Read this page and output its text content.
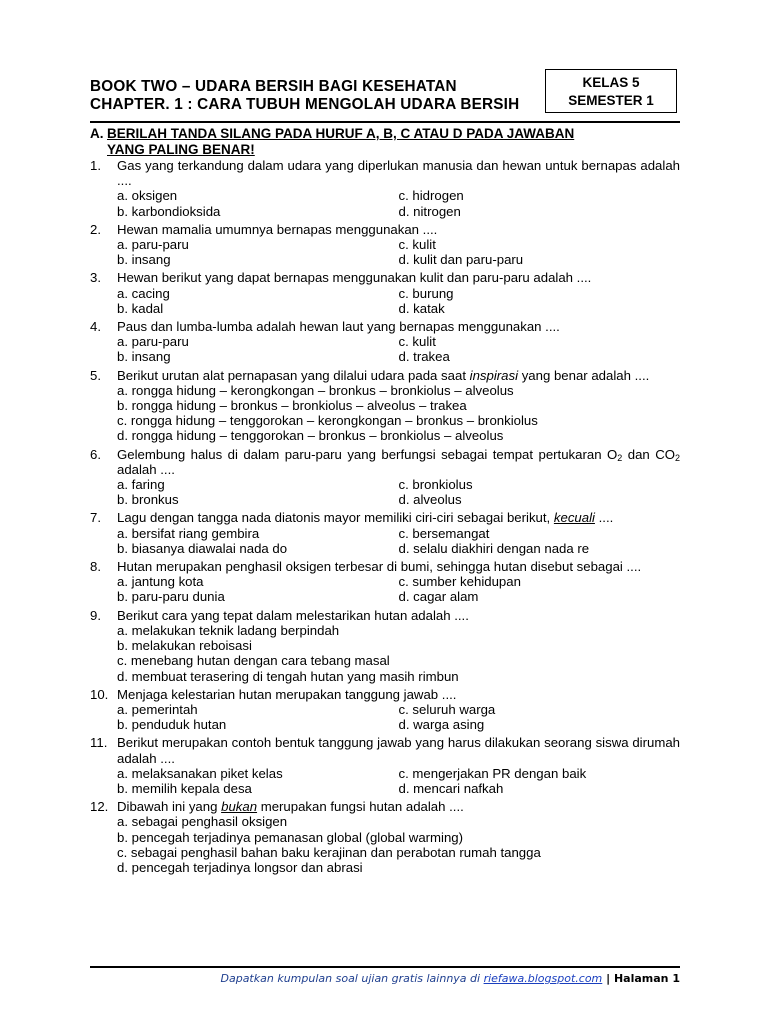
BOOK TWO – UDARA BERSIH BAGI KESEHATAN
CHAPTER. 1 : CARA TUBUH MENGOLAH UDARA BERSIH
KELAS 5
SEMESTER 1
A. BERILAH TANDA SILANG PADA HURUF A, B, C ATAU D PADA JAWABAN
YANG PALING BENAR!
1. Gas yang terkandung dalam udara yang diperlukan manusia dan hewan untuk bernapas adalah ....
a. oksigen	c. hidrogen
b. karbondioksida	d. nitrogen
2. Hewan mamalia umumnya bernapas menggunakan ....
a. paru-paru	c. kulit
b. insang	d. kulit dan paru-paru
3. Hewan berikut yang dapat bernapas menggunakan kulit dan paru-paru adalah ....
a. cacing	c. burung
b. kadal	d. katak
4. Paus dan lumba-lumba adalah hewan laut yang bernapas menggunakan ....
a. paru-paru	c. kulit
b. insang	d. trakea
5. Berikut urutan alat pernapasan yang dilalui udara pada saat inspirasi yang benar adalah ....
a. rongga hidung – kerongkongan – bronkus – bronkiolus – alveolus
b. rongga hidung – bronkus – bronkiolus – alveolus – trakea
c. rongga hidung – tenggorokan – kerongkongan – bronkus – bronkiolus
d. rongga hidung – tenggorokan – bronkus – bronkiolus – alveolus
6. Gelembung halus di dalam paru-paru yang berfungsi sebagai tempat pertukaran $O_2$ dan $CO_2$ adalah ....
a. faring	c. bronkiolus
b. bronkus	d. alveolus
7. Lagu dengan tangga nada diatonis mayor memiliki ciri-ciri sebagai berikut, kecuali ....
a. bersifat riang gembira	c. bersemangat
b. biasanya diawalai nada do	d. selalu diakhiri dengan nada re
8. Hutan merupakan penghasil oksigen terbesar di bumi, sehingga hutan disebut sebagai ....
a. jantung kota	c. sumber kehidupan
b. paru-paru dunia	d. cagar alam
9. Berikut cara yang tepat dalam melestarikan hutan adalah ....
a. melakukan teknik ladang berpindah
b. melakukan reboisasi
c. menebang hutan dengan cara tebang masal
d. membuat terasering di tengah hutan yang masih rimbun
10. Menjaga kelestarian hutan merupakan tanggung jawab ....
a. pemerintah	c. seluruh warga
b. penduduk hutan	d. warga asing
11. Berikut merupakan contoh bentuk tanggung jawab yang harus dilakukan seorang siswa dirumah adalah ....
a. melaksanakan piket kelas	c. mengerjakan PR dengan baik
b. memilih kepala desa	d. mencari nafkah
12. Dibawah ini yang bukan merupakan fungsi hutan adalah ....
a. sebagai penghasil oksigen
b. pencegah terjadinya pemanasan global (global warming)
c. sebagai penghasil bahan baku kerajinan dan perabotan rumah tangga
d. pencegah terjadinya longsor dan abrasi
Dapatkan kumpulan soal ujian gratis lainnya di riefawa.blogspot.com | Halaman 1
